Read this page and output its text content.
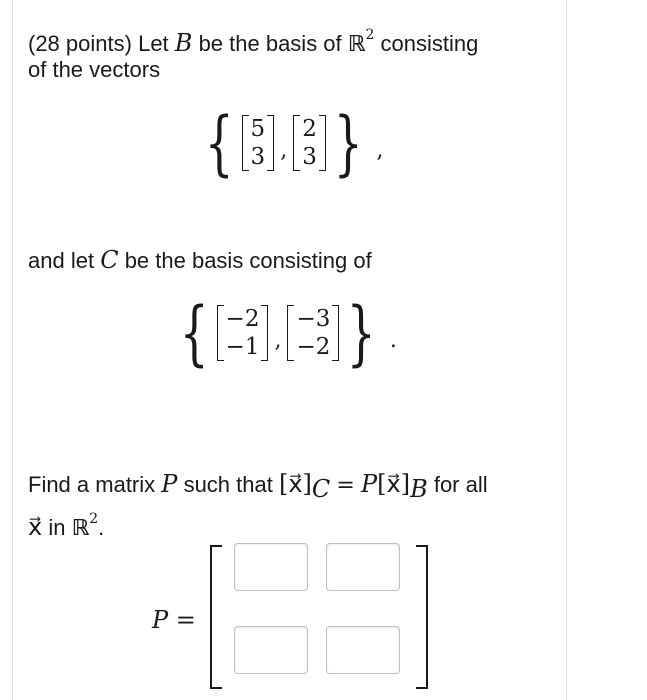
(28 points) Let B be the basis of ℝ$^2$ consisting
of the vectors
{ 5
3 ,
2
3 } ,
and let C be the basis consisting of
{ −2
−1 ,
−3
−2 } .
Find a matrix P such that $[x⃗]_C$ = $P[x⃗]_B$ for all
x⃗ in ℝ$^2$.
P =
